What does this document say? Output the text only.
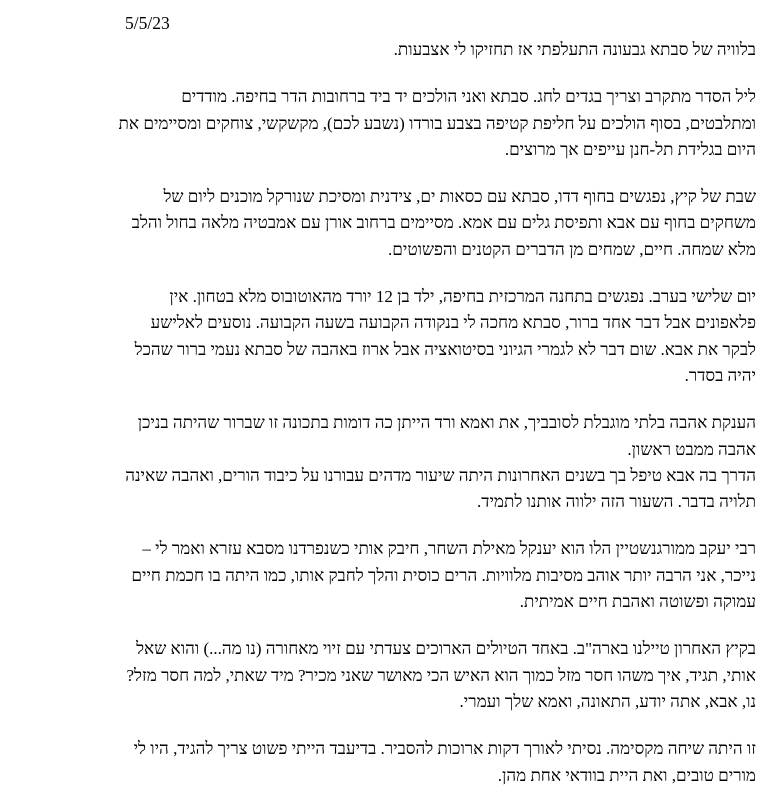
5/5/23
בלוויה של סבתא גבעונה התעלפתי אז תחזיקו לי אצבעות.
ליל הסדר מתקרב וצריך בגדים לחג. סבתא ואני הולכים יד ביד ברחובות הדר בחיפה. מודדים
ומתלבטים, בסוף הולכים על חליפת קטיפה בצבע בורדו (נשבע לכם), מקשקשי, צוחקים ומסיימים את
היום בגלידת תל-חנן עייפים אך מרוצים.
שבת של קיץ, נפגשים בחוף דדו, סבתא עם כסאות ים, צידנית ומסיכת שנורקל מוכנים ליום של
משחקים בחוף עם אבא ותפיסת גלים עם אמא. מסיימים ברחוב אורן עם אמבטיה מלאה בחול והלב
מלא שמחה. חיים, שמחים מן הדברים הקטנים והפשוטים.
יום שלישי בערב. נפגשים בתחנה המרכזית בחיפה, ילד בן 12 יורד מהאוטובוס מלא בטחון. אין
פלאפונים אבל דבר אחד ברור, סבתא מחכה לי בנקודה הקבועה בשעה הקבועה. נוסעים לאלישע
לבקר את אבא. שום דבר לא לגמרי הגיוני בסיטואציה אבל ארוז באהבה של סבתא נעמי ברור שהכל
יהיה בסדר.
הענקת אהבה בלתי מוגבלת לסובביך, את ואמא ורד הייתן כה דומות בתכונה זו שברור שהיתה בניכן
אהבה ממבט ראשון.
הדרך בה אבא טיפל בך בשנים האחרונות היתה שיעור מדהים עבורנו על כיבוד הורים, ואהבה שאינה
תלויה בדבר. השעור הזה ילווה אותנו לתמיד.
רבי יעקב ממורגנשטיין הלו הוא יענקל מאילת השחר, חיבק אותי כשנפרדנו מסבא עזרא ואמר לי –
נייכר, אני הרבה יותר אוהב מסיבות מלוויות. הרים כוסית והלך לחבק אותו, כמו היתה בו חכמת חיים
עמוקה ופשוטה ואהבת חיים אמיתית.
בקיץ האחרון טיילנו בארה"ב. באחד הטיולים הארוכים צעדתי עם זיוי מאחורה (נו מה...) והוא שאל
אותי, תגיד, איך משהו חסר מזל כמוך הוא האיש הכי מאושר שאני מכיר? מיד שאתי, למה חסר מזל?
נו, אבא, אתה יודע, התאונה, ואמא שלך ועמרי.
זו היתה שיחה מקסימה. נסיתי לאורך דקות ארוכות להסביר. בדיעבד הייתי פשוט צריך להגיד, היו לי
מורים טובים, ואת היית בוודאי אחת מהן.
